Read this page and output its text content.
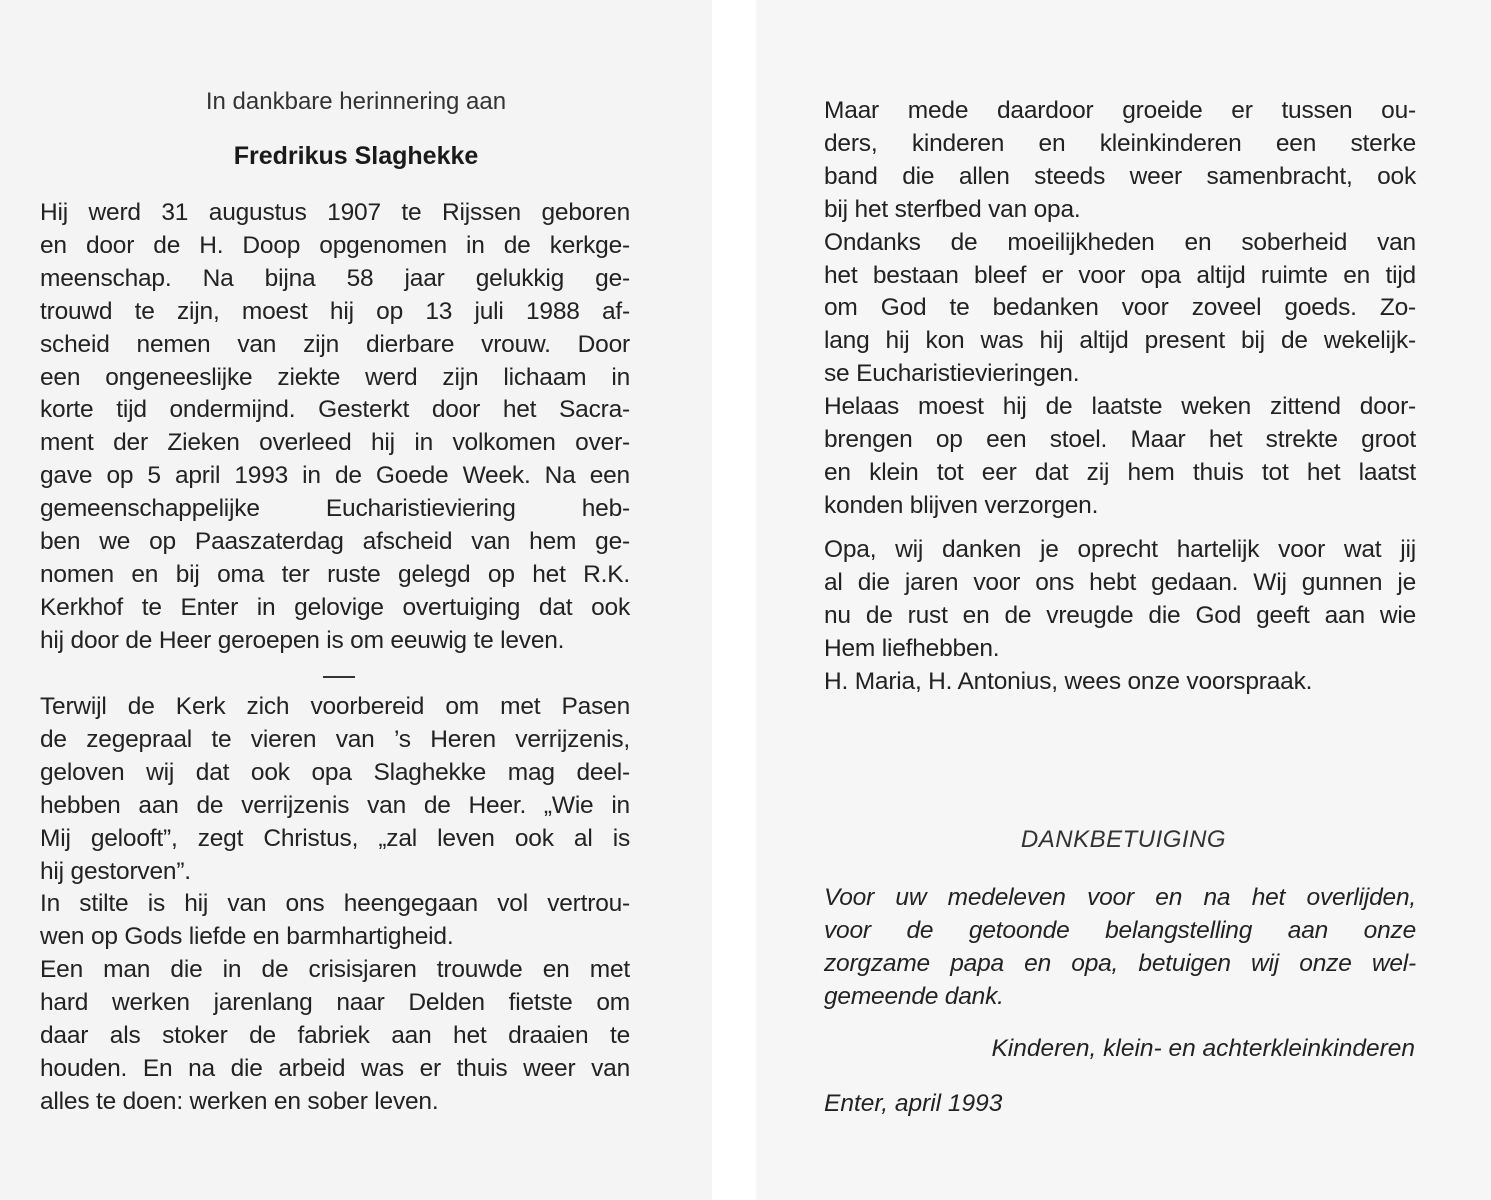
In dankbare herinnering aan
Fredrikus Slaghekke
Hij werd 31 augustus 1907 te Rijssen geboren
en door de H. Doop opgenomen in de kerkge-
meenschap. Na bijna 58 jaar gelukkig ge-
trouwd te zijn, moest hij op 13 juli 1988 af-
scheid nemen van zijn dierbare vrouw. Door
een ongeneeslijke ziekte werd zijn lichaam in
korte tijd ondermijnd. Gesterkt door het Sacra-
ment der Zieken overleed hij in volkomen over-
gave op 5 april 1993 in de Goede Week. Na een
gemeenschappelijke Eucharistieviering heb-
ben we op Paaszaterdag afscheid van hem ge-
nomen en bij oma ter ruste gelegd op het R.K.
Kerkhof te Enter in gelovige overtuiging dat ook
hij door de Heer geroepen is om eeuwig te leven.
Terwijl de Kerk zich voorbereid om met Pasen
de zegepraal te vieren van ’s Heren verrijzenis,
geloven wij dat ook opa Slaghekke mag deel-
hebben aan de verrijzenis van de Heer. „Wie in
Mij gelooft”, zegt Christus, „zal leven ook al is
hij gestorven”.
In stilte is hij van ons heengegaan vol vertrou-
wen op Gods liefde en barmhartigheid.
Een man die in de crisisjaren trouwde en met
hard werken jarenlang naar Delden fietste om
daar als stoker de fabriek aan het draaien te
houden. En na die arbeid was er thuis weer van
alles te doen: werken en sober leven.
Maar mede daardoor groeide er tussen ou-
ders, kinderen en kleinkinderen een sterke
band die allen steeds weer samenbracht, ook
bij het sterfbed van opa.
Ondanks de moeilijkheden en soberheid van
het bestaan bleef er voor opa altijd ruimte en tijd
om God te bedanken voor zoveel goeds. Zo-
lang hij kon was hij altijd present bij de wekelijk-
se Eucharistievieringen.
Helaas moest hij de laatste weken zittend door-
brengen op een stoel. Maar het strekte groot
en klein tot eer dat zij hem thuis tot het laatst
konden blijven verzorgen.
Opa, wij danken je oprecht hartelijk voor wat jij
al die jaren voor ons hebt gedaan. Wij gunnen je
nu de rust en de vreugde die God geeft aan wie
Hem liefhebben.
H. Maria, H. Antonius, wees onze voorspraak.
DANKBETUIGING
Voor uw medeleven voor en na het overlijden,
voor de getoonde belangstelling aan onze
zorgzame papa en opa, betuigen wij onze wel-
gemeende dank.
Kinderen, klein- en achterkleinkinderen
Enter, april 1993
